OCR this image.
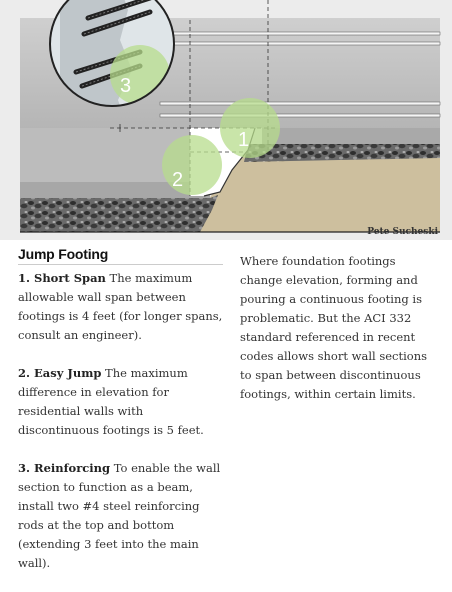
1
2
3
Pete Sucheski
Jump Footing

1. Short Span The maximum allowable wall span between footings is 4 feet (for longer spans, consult an engineer).

2. Easy Jump The maximum difference in elevation for residential walls with discontinuous footings is 5 feet.

3. Reinforcing To enable the wall section to function as a beam, install two #4 steel reinforcing rods at the top and bottom (extending 3 feet into the main wall).

Where foundation footings change elevation, forming and pouring a continuous footing is problematic. But the ACI 332 standard referenced in recent codes allows short wall sections to span between discontinuous footings, within certain limits.
